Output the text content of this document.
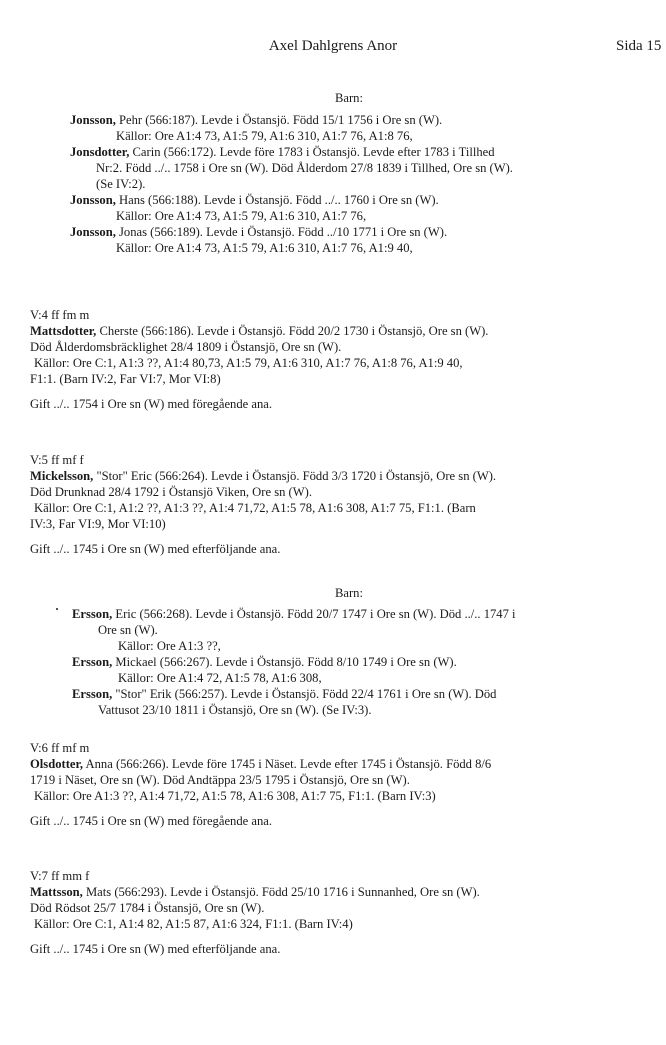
Axel Dahlgrens Anor	Sida 15
Barn:
Jonsson, Pehr (566:187). Levde i Östansjö. Född 15/1 1756 i Ore sn (W).
Källor: Ore A1:4 73, A1:5 79, A1:6 310, A1:7 76, A1:8 76,
Jonsdotter, Carin (566:172). Levde före 1783 i Östansjö. Levde efter 1783 i Tillhed
Nr:2. Född ../.. 1758 i Ore sn (W). Död Ålderdom 27/8 1839 i Tillhed, Ore sn (W).
(Se IV:2).
Jonsson, Hans (566:188). Levde i Östansjö. Född ../.. 1760 i Ore sn (W).
Källor: Ore A1:4 73, A1:5 79, A1:6 310, A1:7 76,
Jonsson, Jonas (566:189). Levde i Östansjö. Född ../10 1771 i Ore sn (W).
Källor: Ore A1:4 73, A1:5 79, A1:6 310, A1:7 76, A1:9 40,
V:4 ff fm m
Mattsdotter, Cherste (566:186). Levde i Östansjö. Född 20/2 1730 i Östansjö, Ore sn (W).
Död Ålderdomsbräcklighet 28/4 1809 i Östansjö, Ore sn (W).
Källor: Ore C:1, A1:3 ??, A1:4 80,73, A1:5 79, A1:6 310, A1:7 76, A1:8 76, A1:9 40,
F1:1. (Barn IV:2, Far VI:7, Mor VI:8)
Gift ../.. 1754 i Ore sn (W) med föregående ana.
V:5 ff mf f
Mickelsson, "Stor" Eric (566:264). Levde i Östansjö. Född 3/3 1720 i Östansjö, Ore sn (W).
Död Drunknad 28/4 1792 i Östansjö Viken, Ore sn (W).
Källor: Ore C:1, A1:2 ??, A1:3 ??, A1:4 71,72, A1:5 78, A1:6 308, A1:7 75, F1:1. (Barn
IV:3, Far VI:9, Mor VI:10)
Gift ../.. 1745 i Ore sn (W) med efterföljande ana.
Barn:
Ersson, Eric (566:268). Levde i Östansjö. Född 20/7 1747 i Ore sn (W). Död ../.. 1747 i
Ore sn (W).
Källor: Ore A1:3 ??,
Ersson, Mickael (566:267). Levde i Östansjö. Född 8/10 1749 i Ore sn (W).
Källor: Ore A1:4 72, A1:5 78, A1:6 308,
Ersson, "Stor" Erik (566:257). Levde i Östansjö. Född 22/4 1761 i Ore sn (W). Död
Vattusot 23/10 1811 i Östansjö, Ore sn (W). (Se IV:3).
V:6 ff mf m
Olsdotter, Anna (566:266). Levde före 1745 i Näset. Levde efter 1745 i Östansjö. Född 8/6
1719 i Näset, Ore sn (W). Död Andtäppa 23/5 1795 i Östansjö, Ore sn (W).
Källor: Ore A1:3 ??, A1:4 71,72, A1:5 78, A1:6 308, A1:7 75, F1:1. (Barn IV:3)
Gift ../.. 1745 i Ore sn (W) med föregående ana.
V:7 ff mm f
Mattsson, Mats (566:293). Levde i Östansjö. Född 25/10 1716 i Sunnanhed, Ore sn (W).
Död Rödsot 25/7 1784 i Östansjö, Ore sn (W).
Källor: Ore C:1, A1:4 82, A1:5 87, A1:6 324, F1:1. (Barn IV:4)
Gift ../.. 1745 i Ore sn (W) med efterföljande ana.
